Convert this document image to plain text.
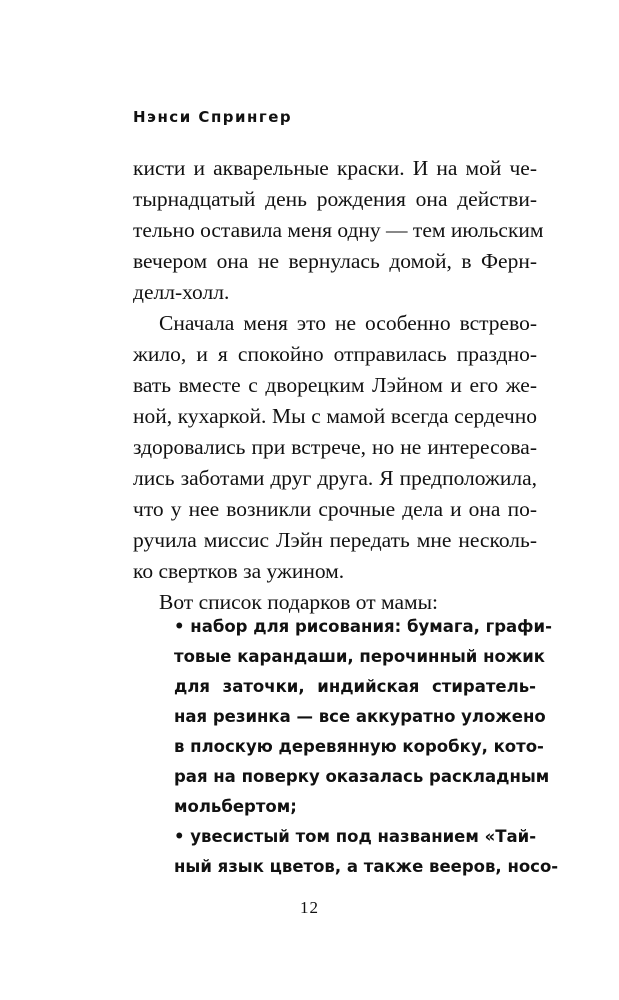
Нэнси Спрингер
кисти и акварельные краски. И на мой че-
тырнадцатый день рождения она действи-
тельно оставила меня одну — тем июльским
вечером она не вернулась домой, в Ферн-
делл-холл.
Сначала меня это не особенно встрево-
жило, и я спокойно отправилась праздно-
вать вместе с дворецким Лэйном и его же-
ной, кухаркой. Мы с мамой всегда сердечно
здоровались при встрече, но не интересова-
лись заботами друг друга. Я предположила,
что у нее возникли срочные дела и она по-
ручила миссис Лэйн передать мне несколь-
ко свертков за ужином.
Вот список подарков от мамы:
• набор для рисования: бумага, графи-
товые карандаши, перочинный ножик
для заточки, индийская стиратель-
ная резинка — все аккуратно уложено
в плоскую деревянную коробку, кото-
рая на поверку оказалась раскладным
мольбертом;
• увесистый том под названием «Тай-
ный язык цветов, а также вееров, носо-
12
